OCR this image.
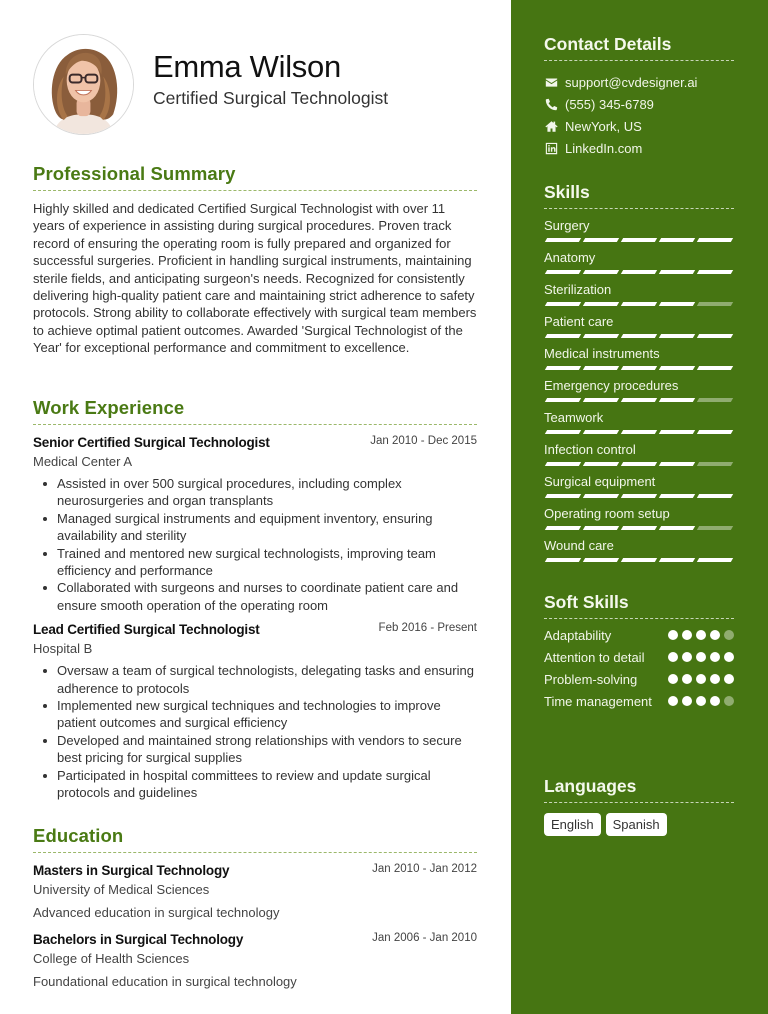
Emma Wilson
Certified Surgical Technologist
Professional Summary
Highly skilled and dedicated Certified Surgical Technologist with over 11 years of experience in assisting during surgical procedures. Proven track record of ensuring the operating room is fully prepared and organized for successful surgeries. Proficient in handling surgical instruments, maintaining sterile fields, and anticipating surgeon's needs. Recognized for consistently delivering high-quality patient care and maintaining strict adherence to safety protocols. Strong ability to collaborate effectively with surgical team members to achieve optimal patient outcomes. Awarded 'Surgical Technologist of the Year' for exceptional performance and commitment to excellence.
Work Experience
Senior Certified Surgical Technologist	Jan 2010 - Dec 2015
Medical Center A
Assisted in over 500 surgical procedures, including complex neurosurgeries and organ transplants
Managed surgical instruments and equipment inventory, ensuring availability and sterility
Trained and mentored new surgical technologists, improving team efficiency and performance
Collaborated with surgeons and nurses to coordinate patient care and ensure smooth operation of the operating room
Lead Certified Surgical Technologist	Feb 2016 - Present
Hospital B
Oversaw a team of surgical technologists, delegating tasks and ensuring adherence to protocols
Implemented new surgical techniques and technologies to improve patient outcomes and surgical efficiency
Developed and maintained strong relationships with vendors to secure best pricing for surgical supplies
Participated in hospital committees to review and update surgical protocols and guidelines
Education
Masters in Surgical Technology	Jan 2010 - Jan 2012
University of Medical Sciences
Advanced education in surgical technology
Bachelors in Surgical Technology	Jan 2006 - Jan 2010
College of Health Sciences
Foundational education in surgical technology
Contact Details
support@cvdesigner.ai
(555) 345-6789
NewYork, US
LinkedIn.com
Skills
Surgery
Anatomy
Sterilization
Patient care
Medical instruments
Emergency procedures
Teamwork
Infection control
Surgical equipment
Operating room setup
Wound care
Soft Skills
Adaptability
Attention to detail
Problem-solving
Time management
Languages
English	Spanish
